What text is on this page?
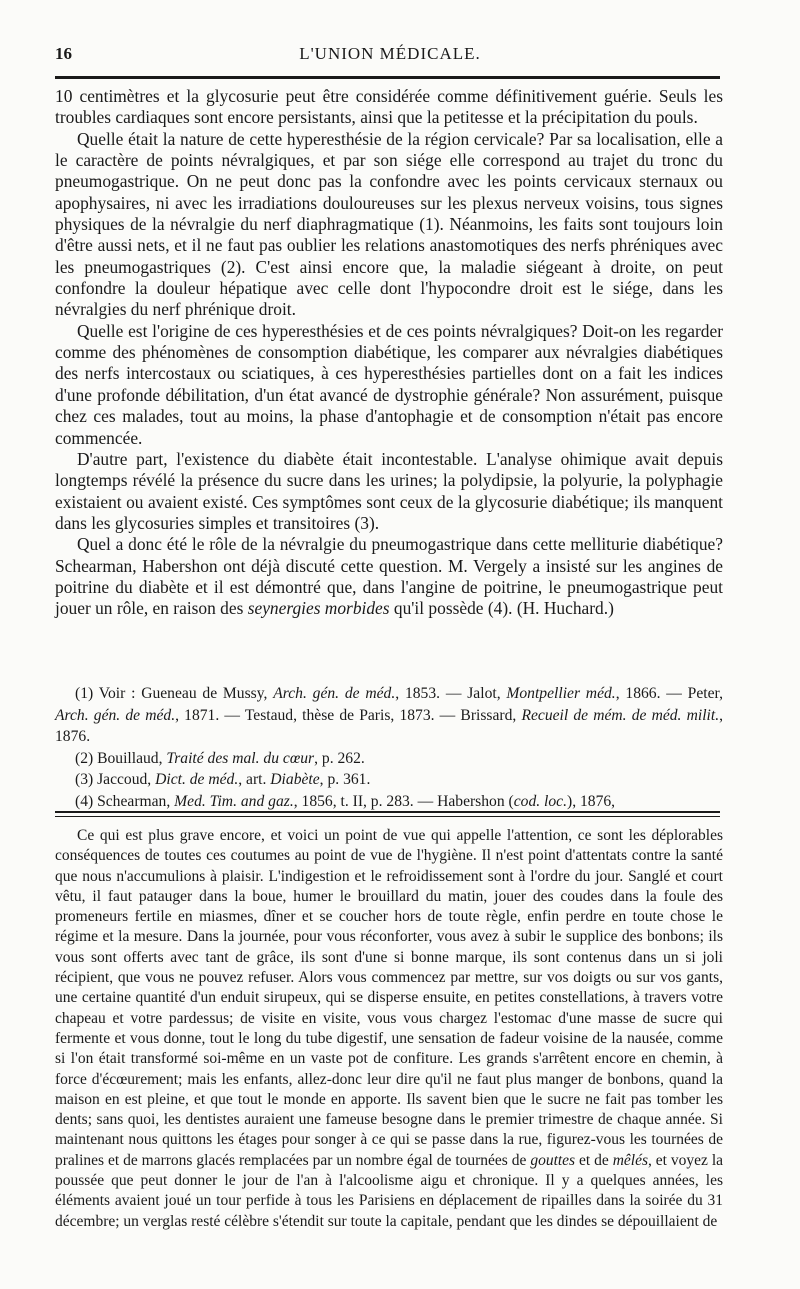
16	L'UNION MÉDICALE.

10 centimètres et la glycosurie peut être considérée comme définitivement guérie. Seuls les troubles cardiaques sont encore persistants, ainsi que la petitesse et la précipitation du pouls.

Quelle était la nature de cette hyperesthésie de la région cervicale? Par sa localisation, elle a le caractère de points névralgiques, et par son siége elle correspond au trajet du tronc du pneumogastrique. On ne peut donc pas la confondre avec les points cervicaux sternaux ou apophysaires, ni avec les irradiations douloureuses sur les plexus nerveux voisins, tous signes physiques de la névralgie du nerf diaphragmatique (1). Néanmoins, les faits sont toujours loin d'être aussi nets, et il ne faut pas oublier les relations anastomotiques des nerfs phréniques avec les pneumogastriques (2). C'est ainsi encore que, la maladie siégeant à droite, on peut confondre la douleur hépatique avec celle dont l'hypocondre droit est le siége, dans les névralgies du nerf phrénique droit.

Quelle est l'origine de ces hyperesthésies et de ces points névralgiques? Doit-on les regarder comme des phénomènes de consomption diabétique, les comparer aux névralgies diabétiques des nerfs intercostaux ou sciatiques, à ces hyperesthésies partielles dont on a fait les indices d'une profonde débilitation, d'un état avancé de dystrophie générale? Non assurément, puisque chez ces malades, tout au moins, la phase d'antophagie et de consomption n'était pas encore commencée.

D'autre part, l'existence du diabète était incontestable. L'analyse ohimique avait depuis longtemps révélé la présence du sucre dans les urines; la polydipsie, la polyurie, la polyphagie existaient ou avaient existé. Ces symptômes sont ceux de la glycosurie diabétique; ils manquent dans les glycosuries simples et transitoires (3).

Quel a donc été le rôle de la névralgie du pneumogastrique dans cette melliturie diabétique? Schearman, Habershon ont déjà discuté cette question. M. Vergely a insisté sur les angines de poitrine du diabète et il est démontré que, dans l'angine de poitrine, le pneumogastrique peut jouer un rôle, en raison des seynergies morbides qu'il possède (4). (H. Huchard.)

(1) Voir : Gueneau de Mussy, Arch. gén. de méd., 1853. — Jalot, Montpellier méd., 1866. — Peter, Arch. gén. de méd., 1871. — Testaud, thèse de Paris, 1873. — Brissard, Recueil de mém. de méd. milit., 1876.

(2) Bouillaud, Traité des mal. du cœur, p. 262.

(3) Jaccoud, Dict. de méd., art. Diabète, p. 361.

(4) Schearman, Med. Tim. and gaz., 1856, t. II, p. 283. — Habershon (cod. loc.), 1876,

Ce qui est plus grave encore, et voici un point de vue qui appelle l'attention, ce sont les déplorables conséquences de toutes ces coutumes au point de vue de l'hygiène. Il n'est point d'attentats contre la santé que nous n'accumulions à plaisir. L'indigestion et le refroidissement sont à l'ordre du jour. Sanglé et court vêtu, il faut patauger dans la boue, humer le brouillard du matin, jouer des coudes dans la foule des promeneurs fertile en miasmes, dîner et se coucher hors de toute règle, enfin perdre en toute chose le régime et la mesure. Dans la journée, pour vous réconforter, vous avez à subir le supplice des bonbons; ils vous sont offerts avec tant de grâce, ils sont d'une si bonne marque, ils sont contenus dans un si joli récipient, que vous ne pouvez refuser. Alors vous commencez par mettre, sur vos doigts ou sur vos gants, une certaine quantité d'un enduit sirupeux, qui se disperse ensuite, en petites constellations, à travers votre chapeau et votre pardessus; de visite en visite, vous vous chargez l'estomac d'une masse de sucre qui fermente et vous donne, tout le long du tube digestif, une sensation de fadeur voisine de la nausée, comme si l'on était transformé soi-même en un vaste pot de confiture. Les grands s'arrêtent encore en chemin, à force d'écœurement; mais les enfants, allez-donc leur dire qu'il ne faut plus manger de bonbons, quand la maison en est pleine, et que tout le monde en apporte. Ils savent bien que le sucre ne fait pas tomber les dents; sans quoi, les dentistes auraient une fameuse besogne dans le premier trimestre de chaque année. Si maintenant nous quittons les étages pour songer à ce qui se passe dans la rue, figurez-vous les tournées de pralines et de marrons glacés remplacées par un nombre égal de tournées de gouttes et de mêlés, et voyez la poussée que peut donner le jour de l'an à l'alcoolisme aigu et chronique. Il y a quelques années, les éléments avaient joué un tour perfide à tous les Parisiens en déplacement de ripailles dans la soirée du 31 décembre; un verglas resté célèbre s'étendit sur toute la capitale, pendant que les dindes se dépouillaient de
